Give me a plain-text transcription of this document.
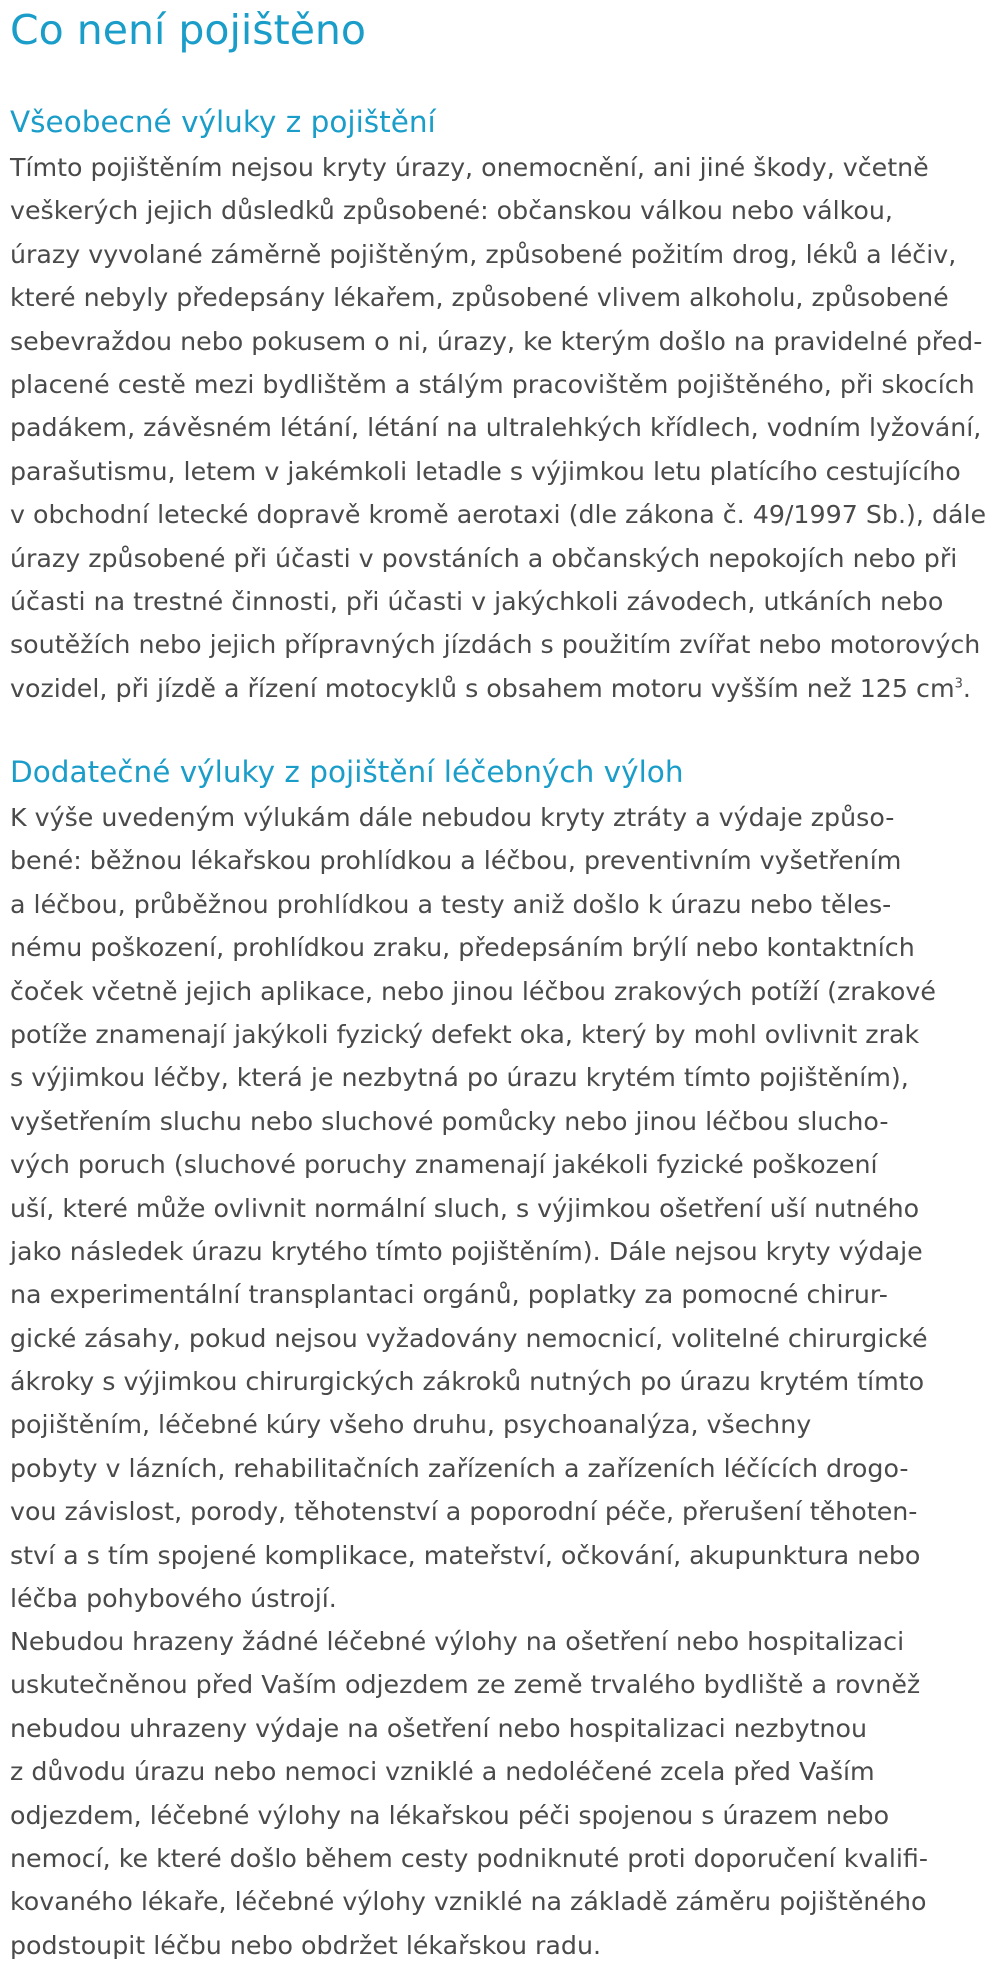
Co není pojištěno
Všeobecné výluky z pojištění
Tímto pojištěním nejsou kryty úrazy, onemocnění, ani jiné škody, včetně
veškerých jejich důsledků způsobené: občanskou válkou nebo válkou,
úrazy vyvolané záměrně pojištěným, způsobené požitím drog, léků a léčiv,
které nebyly předepsány lékařem, způsobené vlivem alkoholu, způsobené
sebevraždou nebo pokusem o ni, úrazy, ke kterým došlo na pravidelné před-
placené cestě mezi bydlištěm a stálým pracovištěm pojištěného, při skocích
padákem, závěsném létání, létání na ultralehkých křídlech, vodním lyžování,
parašutismu, letem v jakémkoli letadle s výjimkou letu platícího cestujícího
v obchodní letecké dopravě kromě aerotaxi (dle zákona č. 49/1997 Sb.), dále
úrazy způsobené při účasti v povstáních a občanských nepokojích nebo při
účasti na trestné činnosti, při účasti v jakýchkoli závodech, utkáních nebo
soutěžích nebo jejich přípravných jízdách s použitím zvířat nebo motorových
vozidel, při jízdě a řízení motocyklů s obsahem motoru vyšším než 125 $cm^3$.
Dodatečné výluky z pojištění léčebných výloh
K výše uvedeným výlukám dále nebudou kryty ztráty a výdaje způso-
bené: běžnou lékařskou prohlídkou a léčbou, preventivním vyšetřením
a léčbou, průběžnou prohlídkou a testy aniž došlo k úrazu nebo těles-
nému poškození, prohlídkou zraku, předepsáním brýlí nebo kontaktních
čoček včetně jejich aplikace, nebo jinou léčbou zrakových potíží (zrakové
potíže znamenají jakýkoli fyzický defekt oka, který by mohl ovlivnit zrak
s výjimkou léčby, která je nezbytná po úrazu krytém tímto pojištěním),
vyšetřením sluchu nebo sluchové pomůcky nebo jinou léčbou slucho-
vých poruch (sluchové poruchy znamenají jakékoli fyzické poškození
uší, které může ovlivnit normální sluch, s výjimkou ošetření uší nutného
jako následek úrazu krytého tímto pojištěním). Dále nejsou kryty výdaje
na experimentální transplantaci orgánů, poplatky za pomocné chirur-
gické zásahy, pokud nejsou vyžadovány nemocnicí, volitelné chirurgické
ákroky s výjimkou chirurgických zákroků nutných po úrazu krytém tímto
pojištěním, léčebné kúry všeho druhu, psychoanalýza, všechny
pobyty v lázních, rehabilitačních zařízeních a zařízeních léčících drogo-
vou závislost, porody, těhotenství a poporodní péče, přerušení těhoten-
ství a s tím spojené komplikace, mateřství, očkování, akupunktura nebo
léčba pohybového ústrojí.
Nebudou hrazeny žádné léčebné výlohy na ošetření nebo hospitalizaci
uskutečněnou před Vaším odjezdem ze země trvalého bydliště a rovněž
nebudou uhrazeny výdaje na ošetření nebo hospitalizaci nezbytnou
z důvodu úrazu nebo nemoci vzniklé a nedoléčené zcela před Vaším
odjezdem, léčebné výlohy na lékařskou péči spojenou s úrazem nebo
nemocí, ke které došlo během cesty podniknuté proti doporučení kvalifi-
kovaného lékaře, léčebné výlohy vzniklé na základě záměru pojištěného
podstoupit léčbu nebo obdržet lékařskou radu.
